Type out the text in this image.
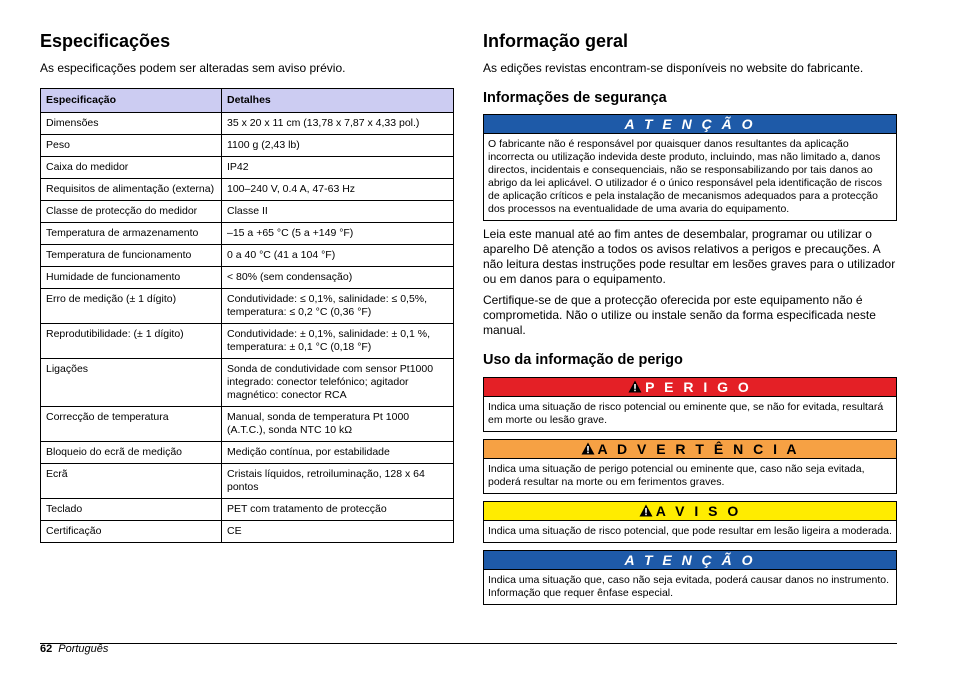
Especificações

As especificações podem ser alteradas sem aviso prévio.

Especificação	Detalhes
Dimensões	35 x 20 x 11 cm (13,78 x 7,87 x 4,33 pol.)
Peso	1100 g (2,43 lb)
Caixa do medidor	IP42
Requisitos de alimentação (externa)	100–240 V, 0.4 A, 47-63 Hz
Classe de protecção do medidor	Classe II
Temperatura de armazenamento	–15 a +65 °C (5 a +149 °F)
Temperatura de funcionamento	0 a 40 °C (41 a 104 °F)
Humidade de funcionamento	< 80% (sem condensação)
Erro de medição (± 1 dígito)	Condutividade: ≤ 0,1%, salinidade: ≤ 0,5%, temperatura: ≤ 0,2 °C (0,36 °F)
Reprodutibilidade: (± 1 dígito)	Condutividade: ± 0,1%, salinidade: ± 0,1 %, temperatura: ± 0,1 °C (0,18 °F)
Ligações	Sonda de condutividade com sensor Pt1000 integrado: conector telefónico; agitador magnético: conector RCA
Correcção de temperatura	Manual, sonda de temperatura Pt 1000 (A.T.C.), sonda NTC 10 kΩ
Bloqueio do ecrã de medição	Medição contínua, por estabilidade
Ecrã	Cristais líquidos, retroiluminação, 128 x 64 pontos
Teclado	PET com tratamento de protecção
Certificação	CE
Informação geral

As edições revistas encontram-se disponíveis no website do fabricante.

Informações de segurança
A T E N Ç Ã O
O fabricante não é responsável por quaisquer danos resultantes da aplicação incorrecta ou utilização indevida deste produto, incluindo, mas não limitado a, danos directos, incidentais e consequenciais, não se responsabilizando por tais danos ao abrigo da lei aplicável. O utilizador é o único responsável pela identificação de riscos de aplicação críticos e pela instalação de mecanismos adequados para a protecção dos processos na eventualidade de uma avaria do equipamento.

Leia este manual até ao fim antes de desembalar, programar ou utilizar o aparelho Dê atenção a todos os avisos relativos a perigos e precauções. A não leitura destas instruções pode resultar em lesões graves para o utilizador ou em danos para o equipamento.

Certifique-se de que a protecção oferecida por este equipamento não é comprometida. Não o utilize ou instale senão da forma especificada neste manual.

Uso da informação de perigo
P E R I G O
Indica uma situação de risco potencial ou eminente que, se não for evitada, resultará em morte ou lesão grave.
A D V E R T Ê N C I A
Indica uma situação de perigo potencial ou eminente que, caso não seja evitada, poderá resultar na morte ou em ferimentos graves.
A V I S O
Indica uma situação de risco potencial, que pode resultar em lesão ligeira a moderada.
A T E N Ç Ã O
Indica uma situação que, caso não seja evitada, poderá causar danos no instrumento. Informação que requer ênfase especial.
62 Português
